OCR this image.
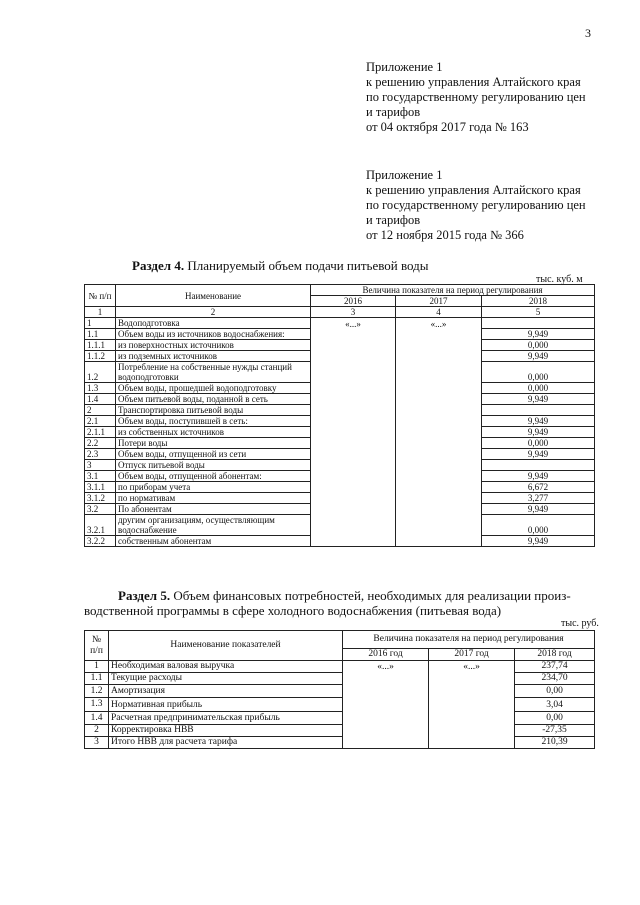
3
Приложение 1
к решению управления Алтайского края
по государственному регулированию цен
и тарифов
от 04 октября 2017 года № 163
Приложение 1
к решению управления Алтайского края
по государственному регулированию цен
и тарифов
от 12 ноября 2015 года № 366
Раздел 4. Планируемый объем подачи питьевой воды
тыс. куб. м
№ п/п	Наименование	Величина показателя на период регулирования		
		2016	2017	2018
1	2	3	4	5
1	Водоподготовка	«...»	«...»	
1.1	Объем воды из источников водоснабжения:			9,949
1.1.1	из поверхностных источников			0,000
1.1.2	из подземных источников			9,949
1.2	Потребление на собственные нужды станций водоподготовки			0,000
1.3	Объем воды, прошедшей водоподготовку			0,000
1.4	Объем питьевой воды, поданной в сеть			9,949
2	Транспортировка питьевой воды			
2.1	Объем воды, поступившей в сеть:			9,949
2.1.1	из собственных источников			9,949
2.2	Потери воды			0,000
2.3	Объем воды, отпущенной из сети			9,949
3	Отпуск питьевой воды			
3.1	Объем воды, отпущенной абонентам:			9,949
3.1.1	по приборам учета			6,672
3.1.2	по нормативам			3,277
3.2	По абонентам			9,949
3.2.1	другим организациям, осуществляющим водоснабжение			0,000
3.2.2	собственным абонентам			9,949
Раздел 5. Объем финансовых потребностей, необходимых для реализации произ-
водственной программы в сфере холодного водоснабжения (питьевая вода)
тыс. руб.
№ п/п	Наименование показателей	Величина показателя на период регулирования		
		2016 год	2017 год	2018 год
1	Необходимая валовая выручка	«...»	«...»	237,74
1.1	Текущие расходы			234,70
1.2	Амортизация			0,00
1.3	Нормативная прибыль			3,04
1.4	Расчетная предпринимательская прибыль			0,00
2	Корректировка НВВ			-27,35
3	Итого НВВ для расчета тарифа			210,39
